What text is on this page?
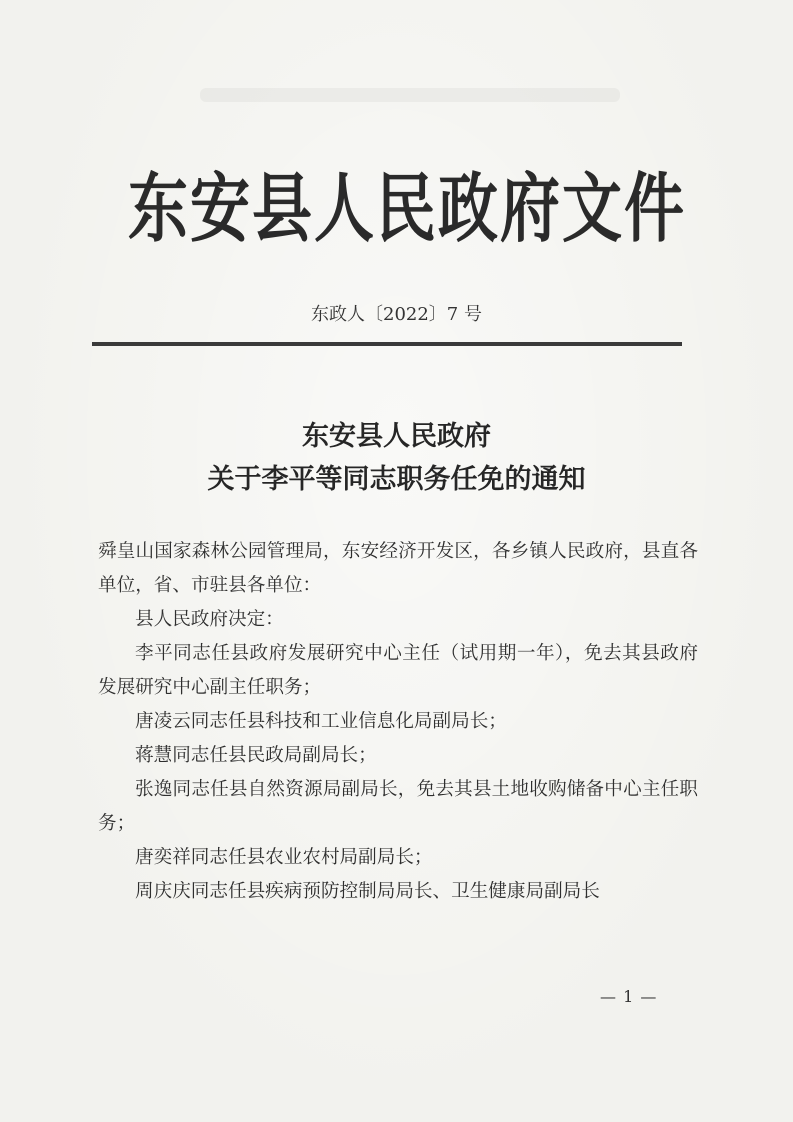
东安县人民政府文件
东政人〔2022〕7 号
东安县人民政府
关于李平等同志职务任免的通知

舜皇山国家森林公园管理局，东安经济开发区，各乡镇人民政府，县直各单位，省、市驻县各单位：

县人民政府决定：

李平同志任县政府发展研究中心主任（试用期一年），免去其县政府发展研究中心副主任职务；

唐凌云同志任县科技和工业信息化局副局长；

蒋慧同志任县民政局副局长；

张逸同志任县自然资源局副局长，免去其县土地收购储备中心主任职务；

唐奕祥同志任县农业农村局副局长；

周庆庆同志任县疾病预防控制局局长、卫生健康局副局长

— 1 —
